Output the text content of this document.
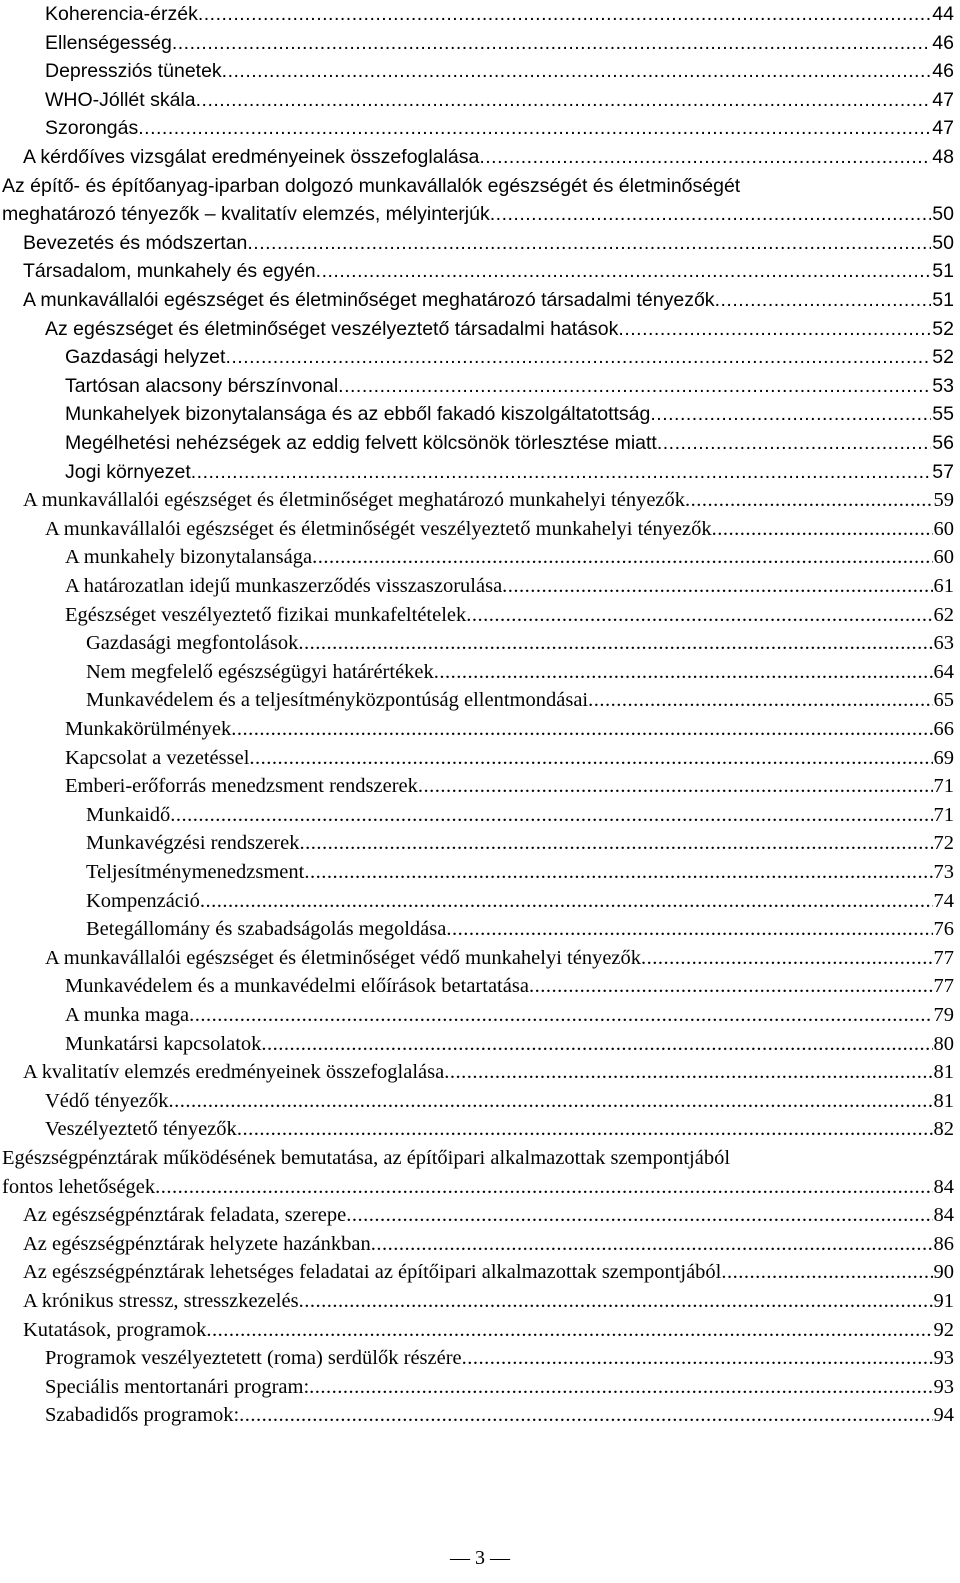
Koherencia-érzék .....	44
Ellenségesség .....	46
Depressziós tünetek .....	46
WHO-Jóllét skála .....	47
Szorongás .....	47
A kérdőíves vizsgálat eredményeinek összefoglalása .....	48
Az építő- és építőanyag-iparban dolgozó munkavállalók egészségét és életminőségét
meghatározó tényezők – kvalitatív elemzés, mélyinterjúk .....	50
Bevezetés és módszertan .....	50
Társadalom, munkahely és egyén .....	51
A munkavállalói egészséget és életminőséget meghatározó társadalmi tényezők .....	51
Az egészséget és életminőséget veszélyeztető társadalmi hatások .....	52
Gazdasági helyzet .....	52
Tartósan alacsony bérszínvonal .....	53
Munkahelyek bizonytalansága és az ebből fakadó kiszolgáltatottság .....	55
Megélhetési nehézségek az eddig felvett kölcsönök törlesztése miatt .....	56
Jogi környezet .....	57
A munkavállalói egészséget és életminőséget meghatározó munkahelyi tényezők .....	59
A munkavállalói egészséget és életminőségét veszélyeztető munkahelyi tényezők .....	60
A munkahely bizonytalansága .....	60
A határozatlan idejű munkaszerződés visszaszorulása .....	61
Egészséget veszélyeztető fizikai munkafeltételek .....	62
Gazdasági megfontolások .....	63
Nem megfelelő egészségügyi határértékek .....	64
Munkavédelem és a teljesítményközpontúság ellentmondásai .....	65
Munkakörülmények .....	66
Kapcsolat a vezetéssel .....	69
Emberi-erőforrás menedzsment rendszerek .....	71
Munkaidő .....	71
Munkavégzési rendszerek .....	72
Teljesítménymenedzsment .....	73
Kompenzáció .....	74
Betegállomány és szabadságolás megoldása .....	76
A munkavállalói egészséget és életminőséget védő munkahelyi tényezők .....	77
Munkavédelem és a munkavédelmi előírások betartatása .....	77
A munka maga .....	79
Munkatársi kapcsolatok .....	80
A kvalitatív elemzés eredményeinek összefoglalása .....	81
Védő tényezők .....	81
Veszélyeztető tényezők .....	82
Egészségpénztárak működésének bemutatása, az építőipari alkalmazottak szempontjából
fontos lehetőségek .....	84
Az egészségpénztárak feladata, szerepe .....	84
Az egészségpénztárak helyzete hazánkban .....	86
Az egészségpénztárak lehetséges feladatai az építőipari alkalmazottak szempontjából .....	90
A krónikus stressz, stresszkezelés .....	91
Kutatások, programok .....	92
Programok veszélyeztetett (roma) serdülők részére .....	93
Speciális mentortanári program: .....	93
Szabadidős programok: .....	94
— 3 —
